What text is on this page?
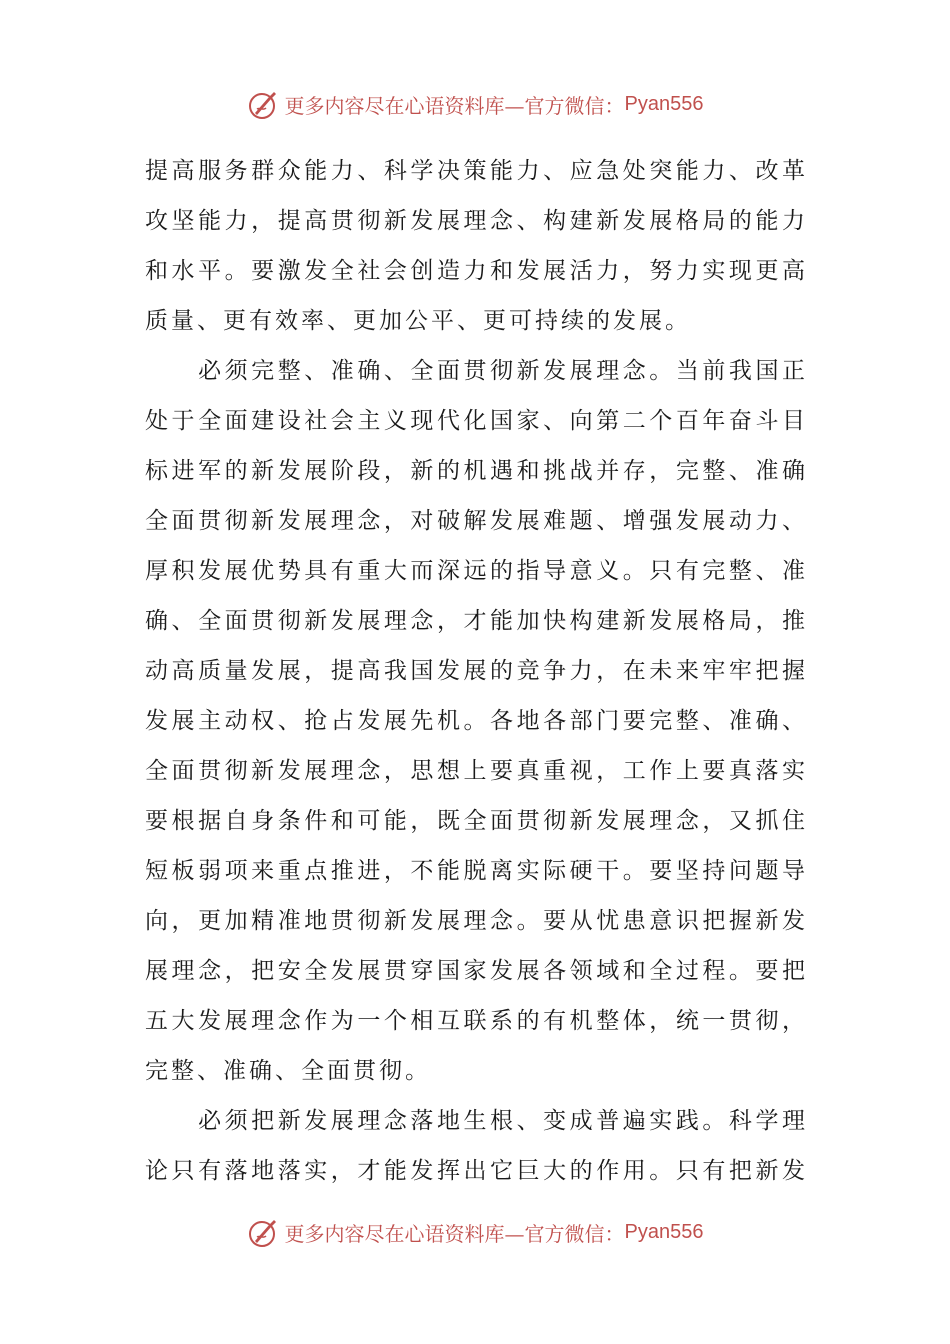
更多内容尽在心语资料库—官方微信： Pyan556
提高服务群众能力、科学决策能力、应急处突能力、改革
攻坚能力，提高贯彻新发展理念、构建新发展格局的能力
和水平。要激发全社会创造力和发展活力，努力实现更高
质量、更有效率、更加公平、更可持续的发展。
　　必须完整、准确、全面贯彻新发展理念。当前我国正
处于全面建设社会主义现代化国家、向第二个百年奋斗目
标进军的新发展阶段，新的机遇和挑战并存，完整、准确
全面贯彻新发展理念，对破解发展难题、增强发展动力、
厚积发展优势具有重大而深远的指导意义。只有完整、准
确、全面贯彻新发展理念，才能加快构建新发展格局，推
动高质量发展，提高我国发展的竞争力，在未来牢牢把握
发展主动权、抢占发展先机。各地各部门要完整、准确、
全面贯彻新发展理念，思想上要真重视，工作上要真落实
要根据自身条件和可能，既全面贯彻新发展理念，又抓住
短板弱项来重点推进，不能脱离实际硬干。要坚持问题导
向，更加精准地贯彻新发展理念。要从忧患意识把握新发
展理念，把安全发展贯穿国家发展各领域和全过程。要把
五大发展理念作为一个相互联系的有机整体，统一贯彻，
完整、准确、全面贯彻。
　　必须把新发展理念落地生根、变成普遍实践。科学理
论只有落地落实，才能发挥出它巨大的作用。只有把新发
更多内容尽在心语资料库—官方微信： Pyan556
